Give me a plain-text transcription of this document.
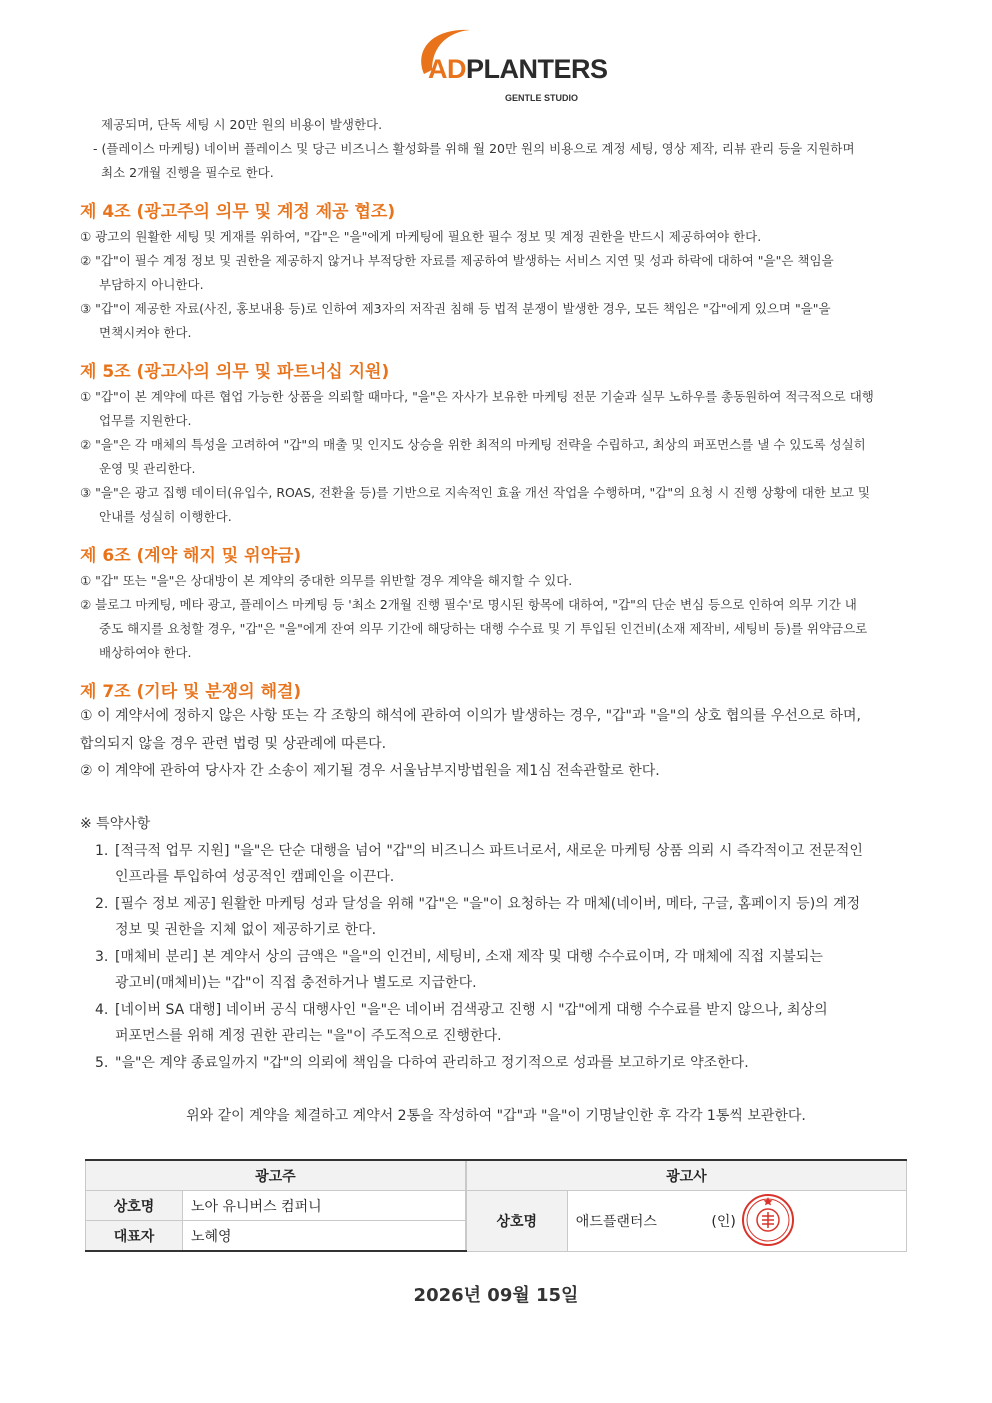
ADPLANTERS
GENTLE STUDIO
제공되며, 단독 세팅 시 20만 원의 비용이 발생한다.
- (플레이스 마케팅) 네이버 플레이스 및 당근 비즈니스 활성화를 위해 월 20만 원의 비용으로 계정 세팅, 영상 제작, 리뷰 관리 등을 지원하며
최소 2개월 진행을 필수로 한다.
제 4조 (광고주의 의무 및 계정 제공 협조)
① 광고의 원활한 세팅 및 게재를 위하여, "갑"은 "을"에게 마케팅에 필요한 필수 정보 및 계정 권한을 반드시 제공하여야 한다.
② "갑"이 필수 계정 정보 및 권한을 제공하지 않거나 부적당한 자료를 제공하여 발생하는 서비스 지연 및 성과 하락에 대하여 "을"은 책임을
부담하지 아니한다.
③ "갑"이 제공한 자료(사진, 홍보내용 등)로 인하여 제3자의 저작권 침해 등 법적 분쟁이 발생한 경우, 모든 책임은 "갑"에게 있으며 "을"을
면책시켜야 한다.
제 5조 (광고사의 의무 및 파트너십 지원)
① "갑"이 본 계약에 따른 협업 가능한 상품을 의뢰할 때마다, "을"은 자사가 보유한 마케팅 전문 기술과 실무 노하우를 총동원하여 적극적으로 대행
업무를 지원한다.
② "을"은 각 매체의 특성을 고려하여 "갑"의 매출 및 인지도 상승을 위한 최적의 마케팅 전략을 수립하고, 최상의 퍼포먼스를 낼 수 있도록 성실히
운영 및 관리한다.
③ "을"은 광고 집행 데이터(유입수, ROAS, 전환율 등)를 기반으로 지속적인 효율 개선 작업을 수행하며, "갑"의 요청 시 진행 상황에 대한 보고 및
안내를 성실히 이행한다.
제 6조 (계약 해지 및 위약금)
① "갑" 또는 "을"은 상대방이 본 계약의 중대한 의무를 위반할 경우 계약을 해지할 수 있다.
② 블로그 마케팅, 메타 광고, 플레이스 마케팅 등 '최소 2개월 진행 필수'로 명시된 항목에 대하여, "갑"의 단순 변심 등으로 인하여 의무 기간 내
중도 해지를 요청할 경우, "갑"은 "을"에게 잔여 의무 기간에 해당하는 대행 수수료 및 기 투입된 인건비(소재 제작비, 세팅비 등)를 위약금으로
배상하여야 한다.
제 7조 (기타 및 분쟁의 해결)
① 이 계약서에 정하지 않은 사항 또는 각 조항의 해석에 관하여 이의가 발생하는 경우, "갑"과 "을"의 상호 협의를 우선으로 하며,
합의되지 않을 경우 관련 법령 및 상관례에 따른다.
② 이 계약에 관하여 당사자 간 소송이 제기될 경우 서울남부지방법원을 제1심 전속관할로 한다.
※ 특약사항
1. [적극적 업무 지원] "을"은 단순 대행을 넘어 "갑"의 비즈니스 파트너로서, 새로운 마케팅 상품 의뢰 시 즉각적이고 전문적인
인프라를 투입하여 성공적인 캠페인을 이끈다.
2. [필수 정보 제공] 원활한 마케팅 성과 달성을 위해 "갑"은 "을"이 요청하는 각 매체(네이버, 메타, 구글, 홈페이지 등)의 계정
정보 및 권한을 지체 없이 제공하기로 한다.
3. [매체비 분리] 본 계약서 상의 금액은 "을"의 인건비, 세팅비, 소재 제작 및 대행 수수료이며, 각 매체에 직접 지불되는
광고비(매체비)는 "갑"이 직접 충전하거나 별도로 지급한다.
4. [네이버 SA 대행] 네이버 공식 대행사인 "을"은 네이버 검색광고 진행 시 "갑"에게 대행 수수료를 받지 않으나, 최상의
퍼포먼스를 위해 계정 권한 관리는 "을"이 주도적으로 진행한다.
5. "을"은 계약 종료일까지 "갑"의 의뢰에 책임을 다하여 관리하고 정기적으로 성과를 보고하기로 약조한다.
위와 같이 계약을 체결하고 계약서 2통을 작성하여 "갑"과 "을"이 기명날인한 후 각각 1통씩 보관한다.
광고주		광고사	
상호명	노아 유니버스 컴퍼니		상호명	애드플랜터스 (인)
대표자	노혜영		
2026년 09월 15일
